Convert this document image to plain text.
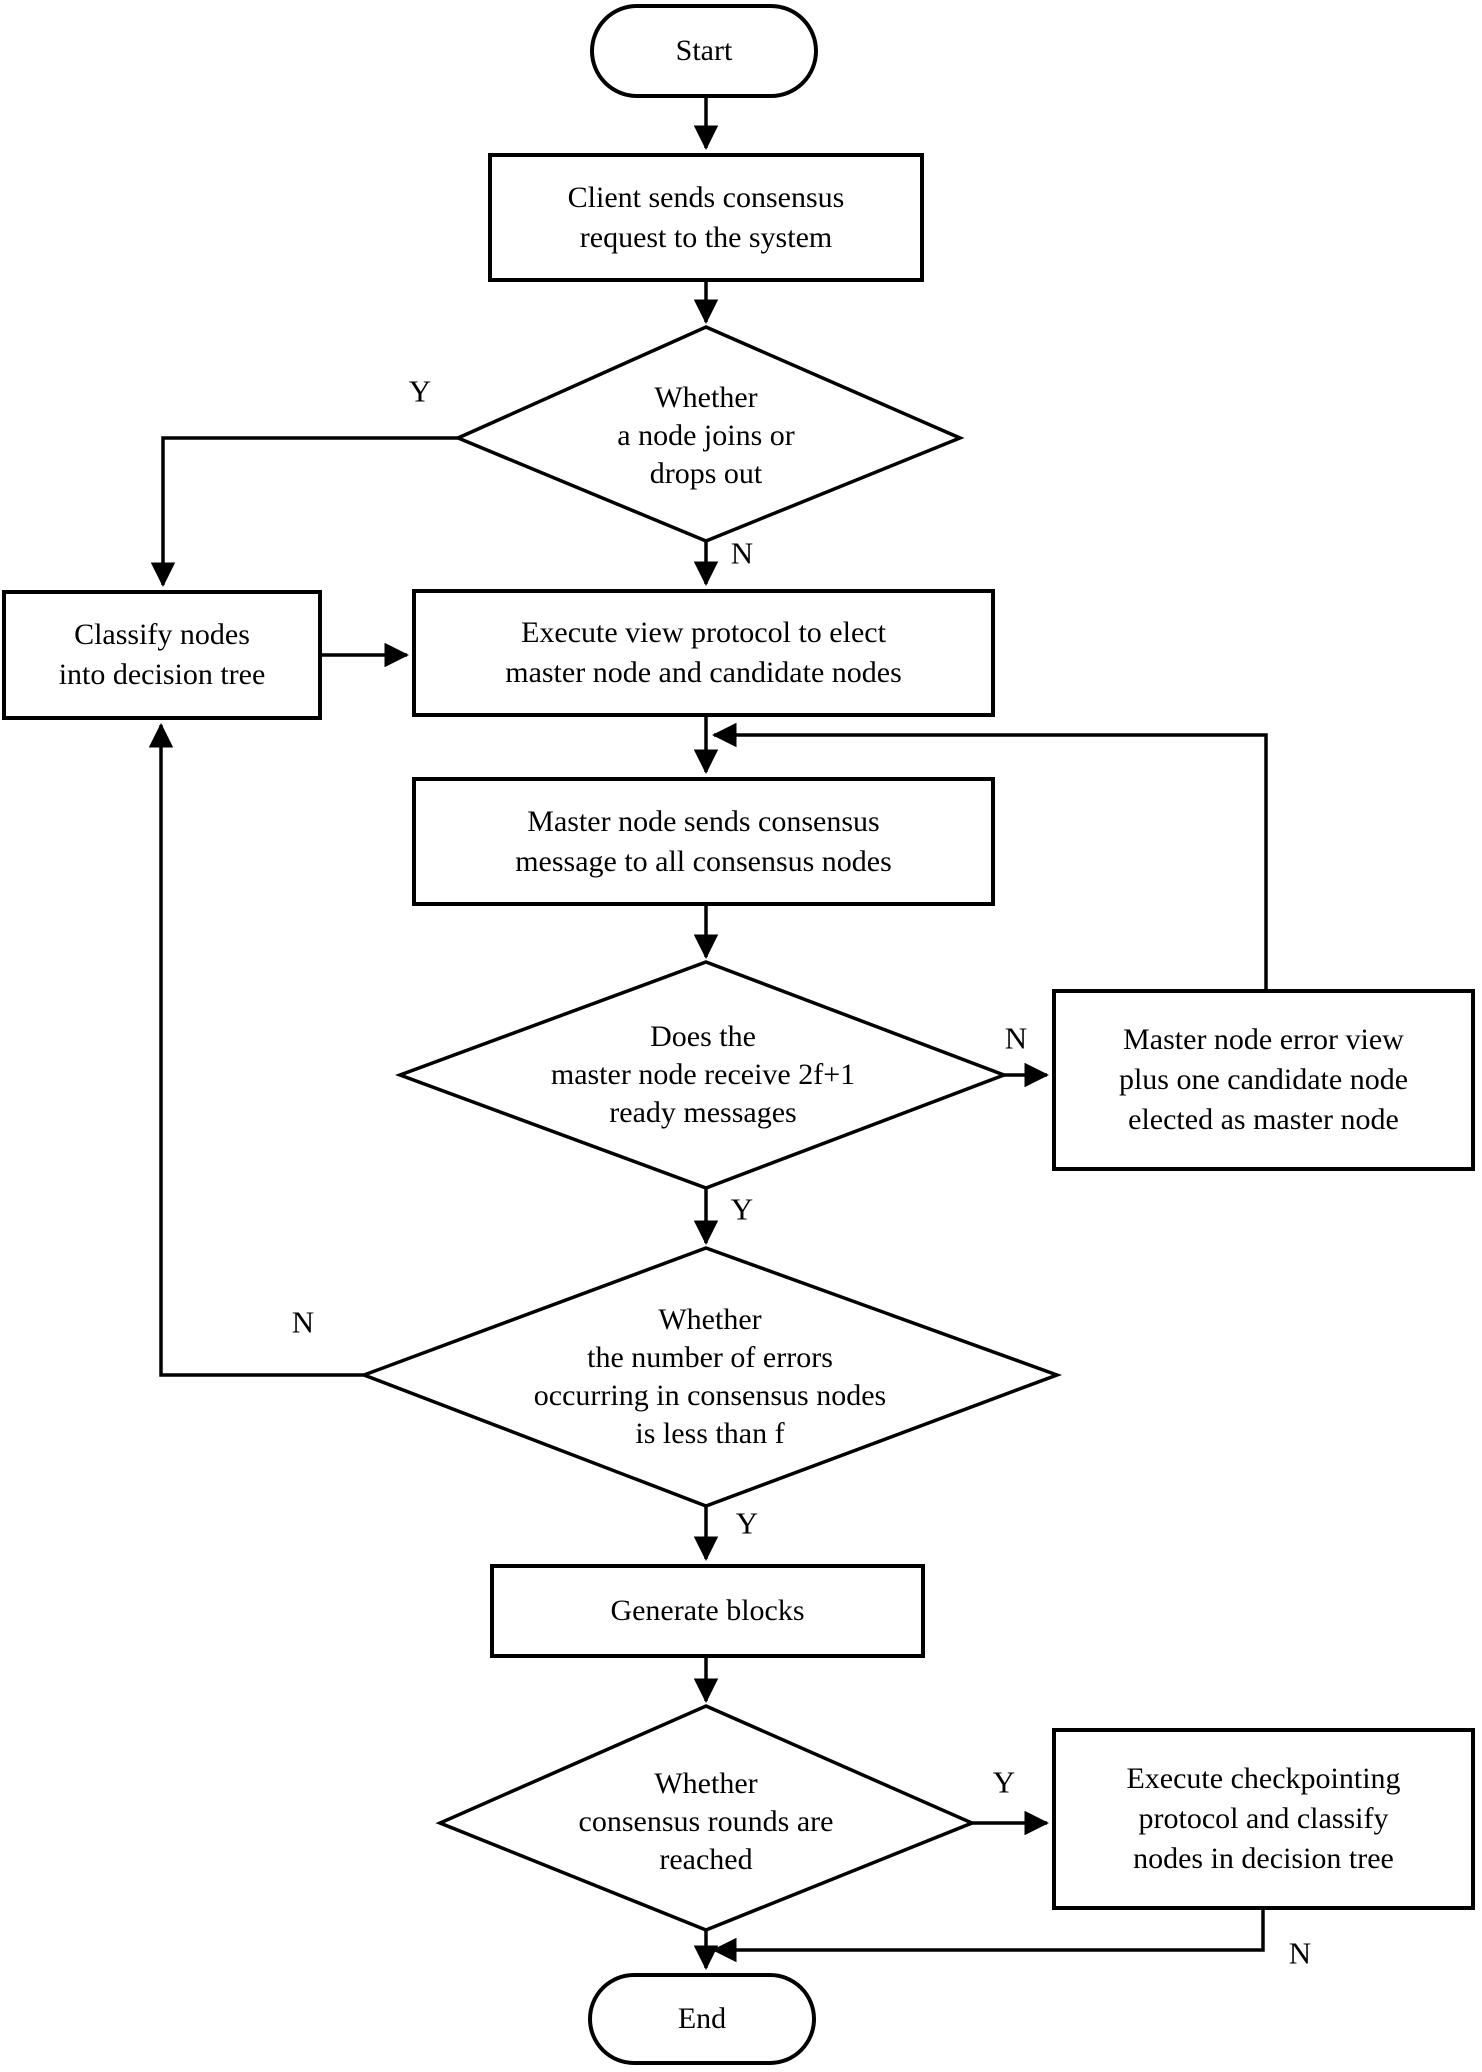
Start
End
Client sends consensus
request to the system
Classify nodes
into decision tree
Execute view protocol to elect
master node and candidate nodes
Master node sends consensus
message to all consensus nodes
Master node error view
plus one candidate node
elected as master node
Generate blocks
Execute checkpointing
protocol and classify
nodes in decision tree
Whether
a node joins or
drops out
Does the
master node receive 2f+1
ready messages
Whether
the number of errors
occurring in consensus nodes
is less than f
Whether
consensus rounds are
reached
Y
N
N
Y
N
Y
Y
N
